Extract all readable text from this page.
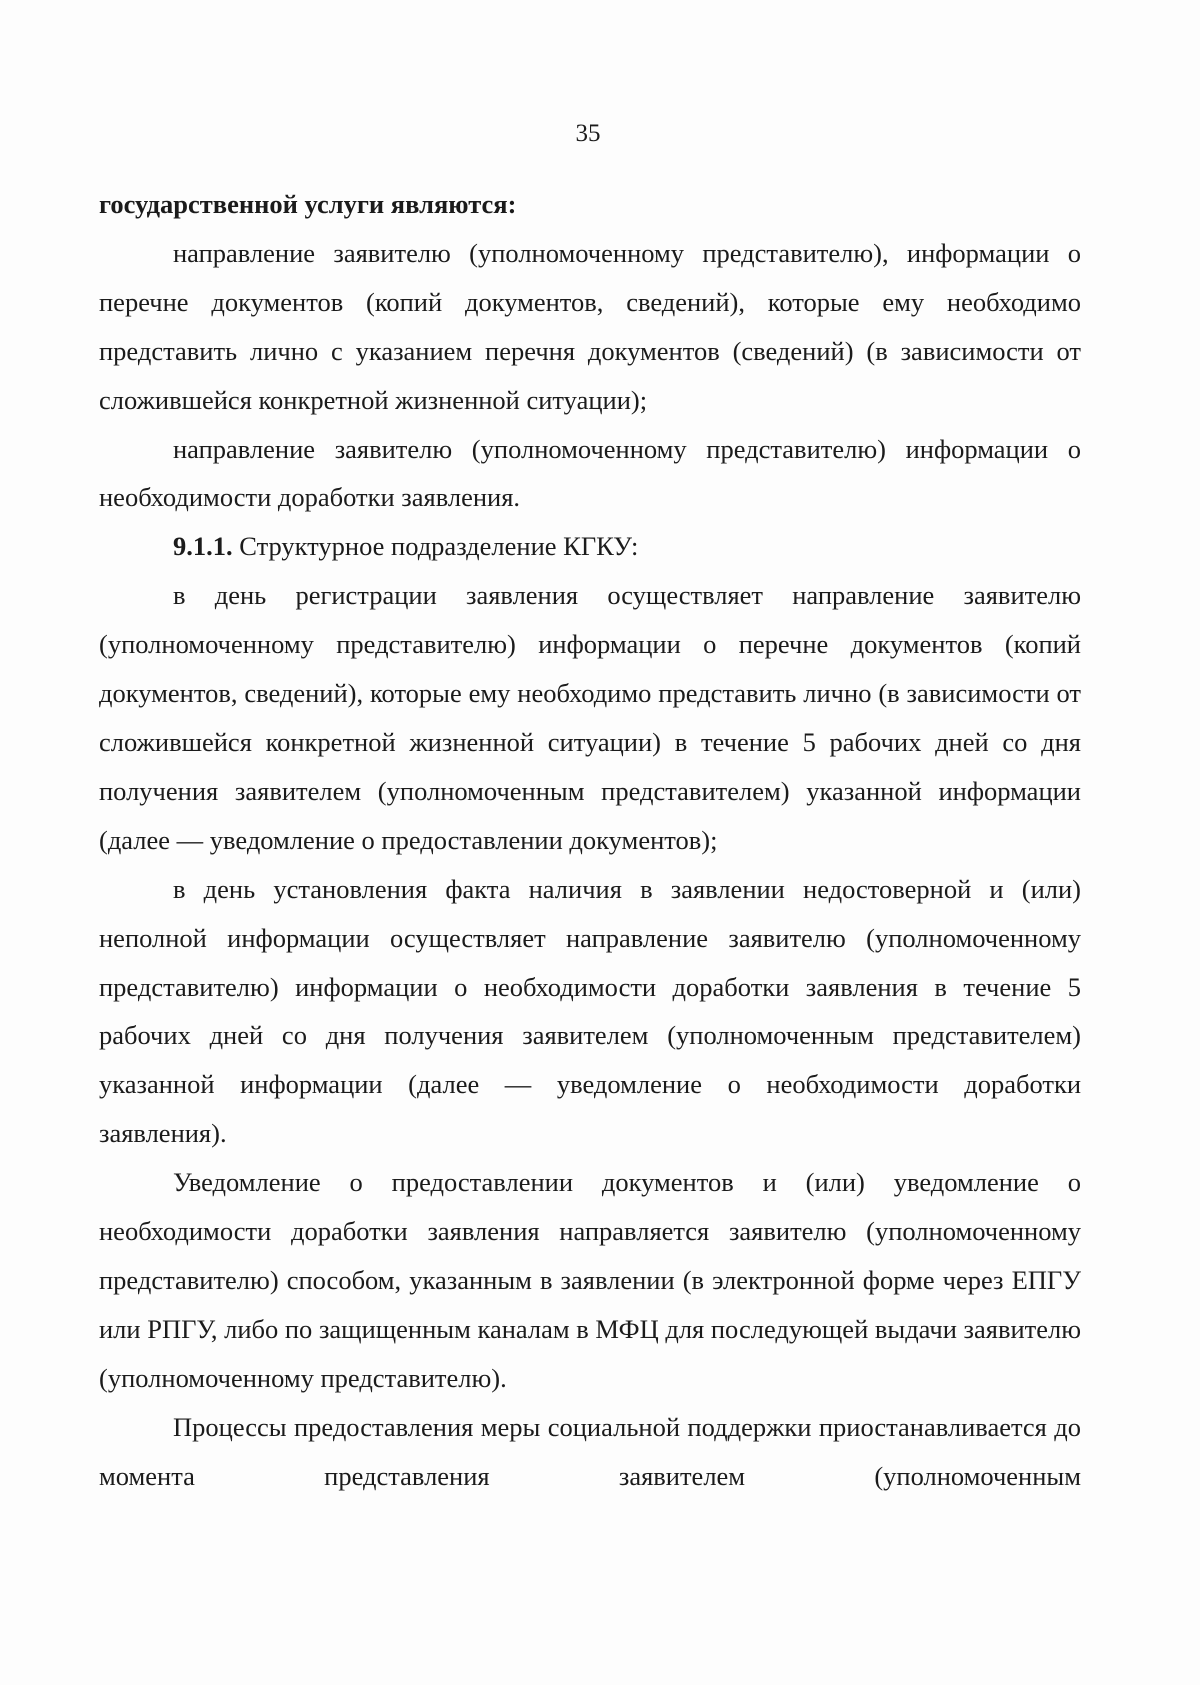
35

государственной услуги являются:

направление заявителю (уполномоченному представителю), информации о перечне документов (копий документов, сведений), которые ему необходимо представить лично с указанием перечня документов (сведений) (в зависимости от сложившейся конкретной жизненной ситуации);

направление заявителю (уполномоченному представителю) информации о необходимости доработки заявления.

9.1.1. Структурное подразделение КГКУ:

в день регистрации заявления осуществляет направление заявителю (уполномоченному представителю) информации о перечне документов (копий документов, сведений), которые ему необходимо представить лично (в зависимости от сложившейся конкретной жизненной ситуации) в течение 5 рабочих дней со дня получения заявителем (уполномоченным представителем) указанной информации (далее — уведомление о предоставлении документов);

в день установления факта наличия в заявлении недостоверной и (или) неполной информации осуществляет направление заявителю (уполномоченному представителю) информации о необходимости доработки заявления в течение 5 рабочих дней со дня получения заявителем (уполномоченным представителем) указанной информации (далее — уведомление о необходимости доработки заявления).

Уведомление о предоставлении документов и (или) уведомление о необходимости доработки заявления направляется заявителю (уполномоченному представителю) способом, указанным в заявлении (в электронной форме через ЕПГУ или РПГУ, либо по защищенным каналам в МФЦ для последующей выдачи заявителю (уполномоченному представителю).

Процессы предоставления меры социальной поддержки приостанавливается до момента представления заявителем (уполномоченным
